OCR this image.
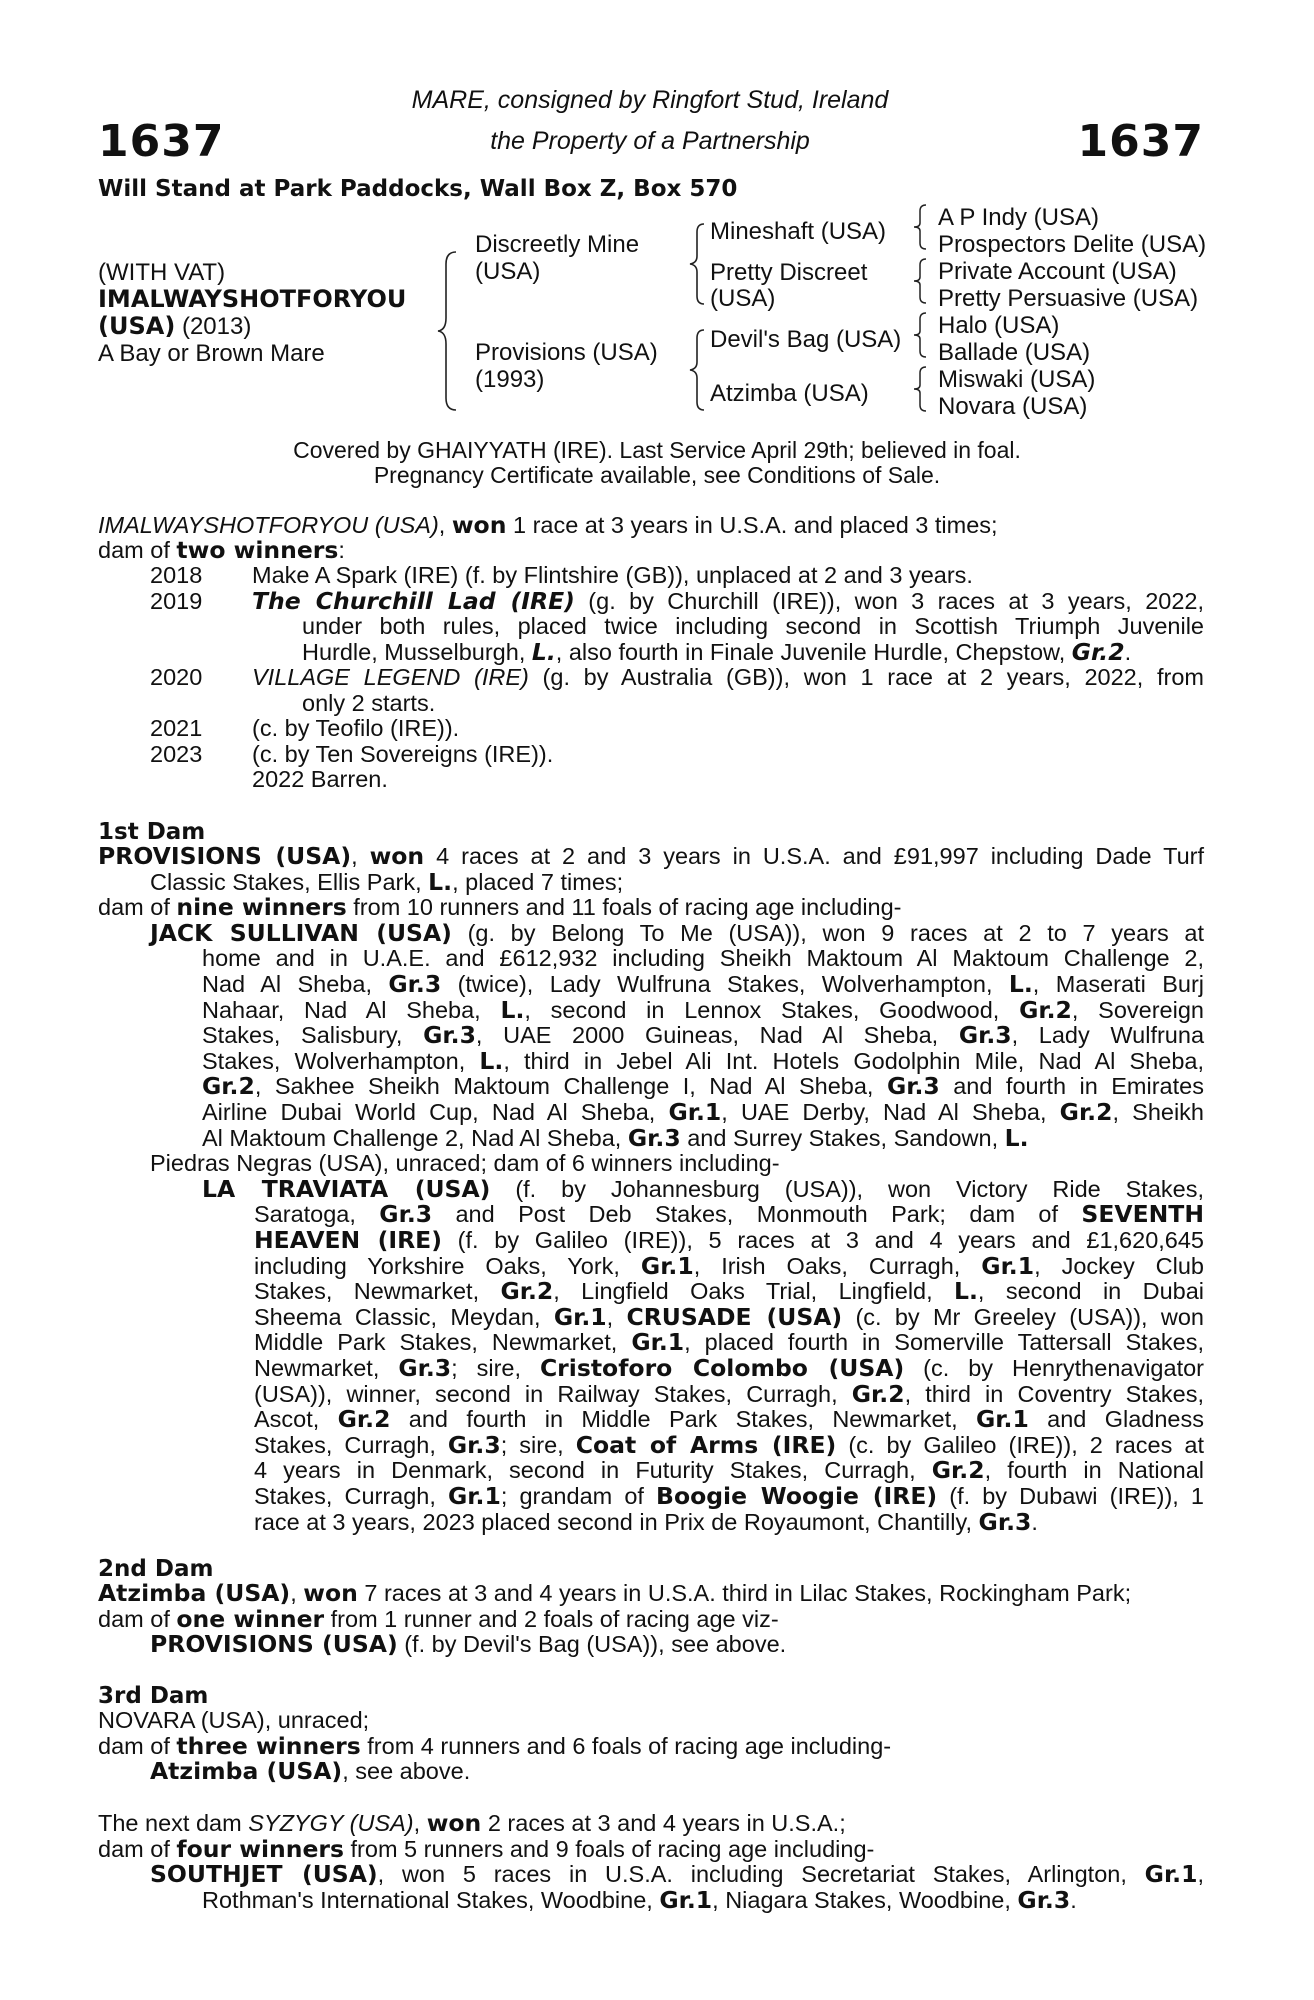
1637	1637
MARE, consigned by Ringfort Stud, Ireland
the Property of a Partnership
Will Stand at Park Paddocks, Wall Box Z, Box 570
(WITH VAT)
IMALWAYSHOTFORYOU
(USA) (2013)
A Bay or Brown Mare
Discreetly Mine
(USA)
Provisions (USA)
(1993)
Mineshaft (USA)
Pretty Discreet
(USA)
Devil's Bag (USA)
Atzimba (USA)
A P Indy (USA)
Prospectors Delite (USA)
Private Account (USA)
Pretty Persuasive (USA)
Halo (USA)
Ballade (USA)
Miswaki (USA)
Novara (USA)
Covered by GHAIYYATH (IRE). Last Service April 29th; believed in foal.
Pregnancy Certificate available, see Conditions of Sale.
IMALWAYSHOTFORYOU (USA), won 1 race at 3 years in U.S.A. and placed 3 times;
dam of two winners:
2018 Make A Spark (IRE) (f. by Flintshire (GB)), unplaced at 2 and 3 years.
2019 The Churchill Lad (IRE) (g. by Churchill (IRE)), won 3 races at 3 years, 2022,
under both rules, placed twice including second in Scottish Triumph Juvenile
Hurdle, Musselburgh, L., also fourth in Finale Juvenile Hurdle, Chepstow, Gr.2.
2020 VILLAGE LEGEND (IRE) (g. by Australia (GB)), won 1 race at 2 years, 2022, from
only 2 starts.
2021 (c. by Teofilo (IRE)).
2023 (c. by Ten Sovereigns (IRE)).
2022 Barren.
1st Dam
PROVISIONS (USA), won 4 races at 2 and 3 years in U.S.A. and £91,997 including Dade Turf
Classic Stakes, Ellis Park, L., placed 7 times;
dam of nine winners from 10 runners and 11 foals of racing age including-
JACK SULLIVAN (USA) (g. by Belong To Me (USA)), won 9 races at 2 to 7 years at
home and in U.A.E. and £612,932 including Sheikh Maktoum Al Maktoum Challenge 2,
Nad Al Sheba, Gr.3 (twice), Lady Wulfruna Stakes, Wolverhampton, L., Maserati Burj
Nahaar, Nad Al Sheba, L., second in Lennox Stakes, Goodwood, Gr.2, Sovereign
Stakes, Salisbury, Gr.3, UAE 2000 Guineas, Nad Al Sheba, Gr.3, Lady Wulfruna
Stakes, Wolverhampton, L., third in Jebel Ali Int. Hotels Godolphin Mile, Nad Al Sheba,
Gr.2, Sakhee Sheikh Maktoum Challenge I, Nad Al Sheba, Gr.3 and fourth in Emirates
Airline Dubai World Cup, Nad Al Sheba, Gr.1, UAE Derby, Nad Al Sheba, Gr.2, Sheikh
Al Maktoum Challenge 2, Nad Al Sheba, Gr.3 and Surrey Stakes, Sandown, L.
Piedras Negras (USA), unraced; dam of 6 winners including-
LA TRAVIATA (USA) (f. by Johannesburg (USA)), won Victory Ride Stakes,
Saratoga, Gr.3 and Post Deb Stakes, Monmouth Park; dam of SEVENTH
HEAVEN (IRE) (f. by Galileo (IRE)), 5 races at 3 and 4 years and £1,620,645
including Yorkshire Oaks, York, Gr.1, Irish Oaks, Curragh, Gr.1, Jockey Club
Stakes, Newmarket, Gr.2, Lingfield Oaks Trial, Lingfield, L., second in Dubai
Sheema Classic, Meydan, Gr.1, CRUSADE (USA) (c. by Mr Greeley (USA)), won
Middle Park Stakes, Newmarket, Gr.1, placed fourth in Somerville Tattersall Stakes,
Newmarket, Gr.3; sire, Cristoforo Colombo (USA) (c. by Henrythenavigator
(USA)), winner, second in Railway Stakes, Curragh, Gr.2, third in Coventry Stakes,
Ascot, Gr.2 and fourth in Middle Park Stakes, Newmarket, Gr.1 and Gladness
Stakes, Curragh, Gr.3; sire, Coat of Arms (IRE) (c. by Galileo (IRE)), 2 races at
4 years in Denmark, second in Futurity Stakes, Curragh, Gr.2, fourth in National
Stakes, Curragh, Gr.1; grandam of Boogie Woogie (IRE) (f. by Dubawi (IRE)), 1
race at 3 years, 2023 placed second in Prix de Royaumont, Chantilly, Gr.3.
2nd Dam
Atzimba (USA), won 7 races at 3 and 4 years in U.S.A. third in Lilac Stakes, Rockingham Park;
dam of one winner from 1 runner and 2 foals of racing age viz-
PROVISIONS (USA) (f. by Devil's Bag (USA)), see above.
3rd Dam
NOVARA (USA), unraced;
dam of three winners from 4 runners and 6 foals of racing age including-
Atzimba (USA), see above.
The next dam SYZYGY (USA), won 2 races at 3 and 4 years in U.S.A.;
dam of four winners from 5 runners and 9 foals of racing age including-
SOUTHJET (USA), won 5 races in U.S.A. including Secretariat Stakes, Arlington, Gr.1,
Rothman's International Stakes, Woodbine, Gr.1, Niagara Stakes, Woodbine, Gr.3.
